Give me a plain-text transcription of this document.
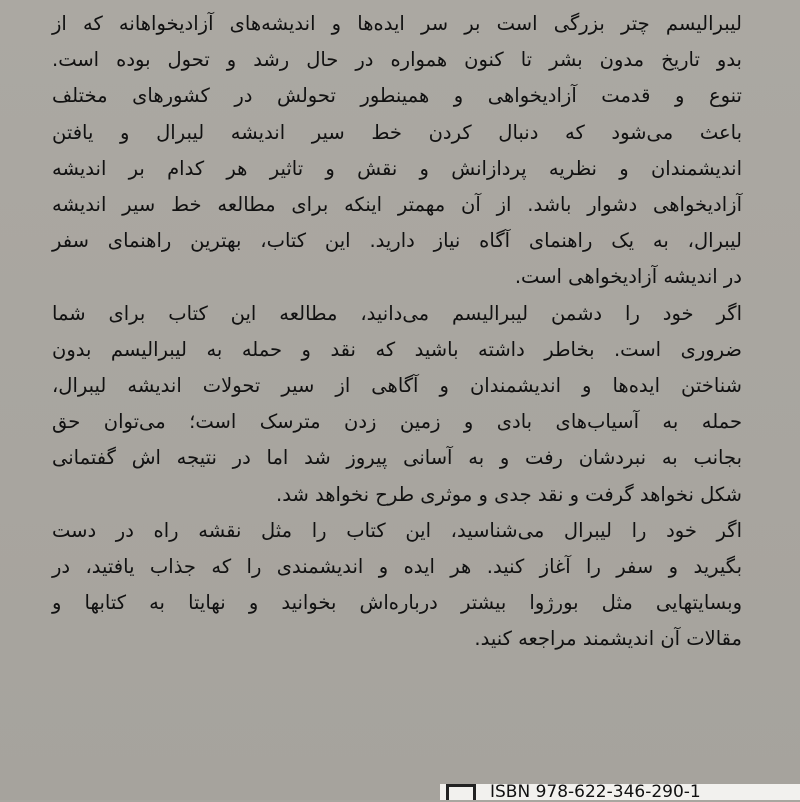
لیبرالیسم چتر بزرگی است بر سر ایده‌ها و اندیشه‌های آزادیخواهانه که از
بدو تاریخ مدون بشر تا کنون همواره در حال رشد و تحول بوده است.
تنوع و قدمت آزادیخواهی و همینطور تحولش در کشورهای مختلف
باعث می‌شود که دنبال کردن خط سیر اندیشه لیبرال و یافتن
اندیشمندان و نظریه پردازانش و نقش و تاثیر هر کدام بر اندیشه
آزادیخواهی دشوار باشد. از آن مهمتر اینکه برای مطالعه خط سیر اندیشه
لیبرال، به یک راهنمای آگاه نیاز دارید. این کتاب، بهترین راهنمای سفر
در اندیشه آزادیخواهی است.

اگر خود را دشمن لیبرالیسم می‌دانید، مطالعه این کتاب برای شما
ضروری است. بخاطر داشته باشید که نقد و حمله به لیبرالیسم بدون
شناختن ایده‌ها و اندیشمندان و آگاهی از سیر تحولات اندیشه لیبرال،
حمله به آسیاب‌های بادی و زمین زدن مترسک است؛ می‌توان حق
بجانب به نبردشان رفت و به آسانی پیروز شد اما در نتیجه اش گفتمانی
شکل نخواهد گرفت و نقد جدی و موثری طرح نخواهد شد.

اگر خود را لیبرال می‌شناسید، این کتاب را مثل نقشه راه در دست
بگیرید و سفر را آغاز کنید. هر ایده و اندیشمندی را که جذاب یافتید، در
وبسایتهایی مثل بورژوا بیشتر درباره‌اش بخوانید و نهایتا به کتابها و
مقالات آن اندیشمند مراجعه کنید.

ISBN 978-622-346-290-1
